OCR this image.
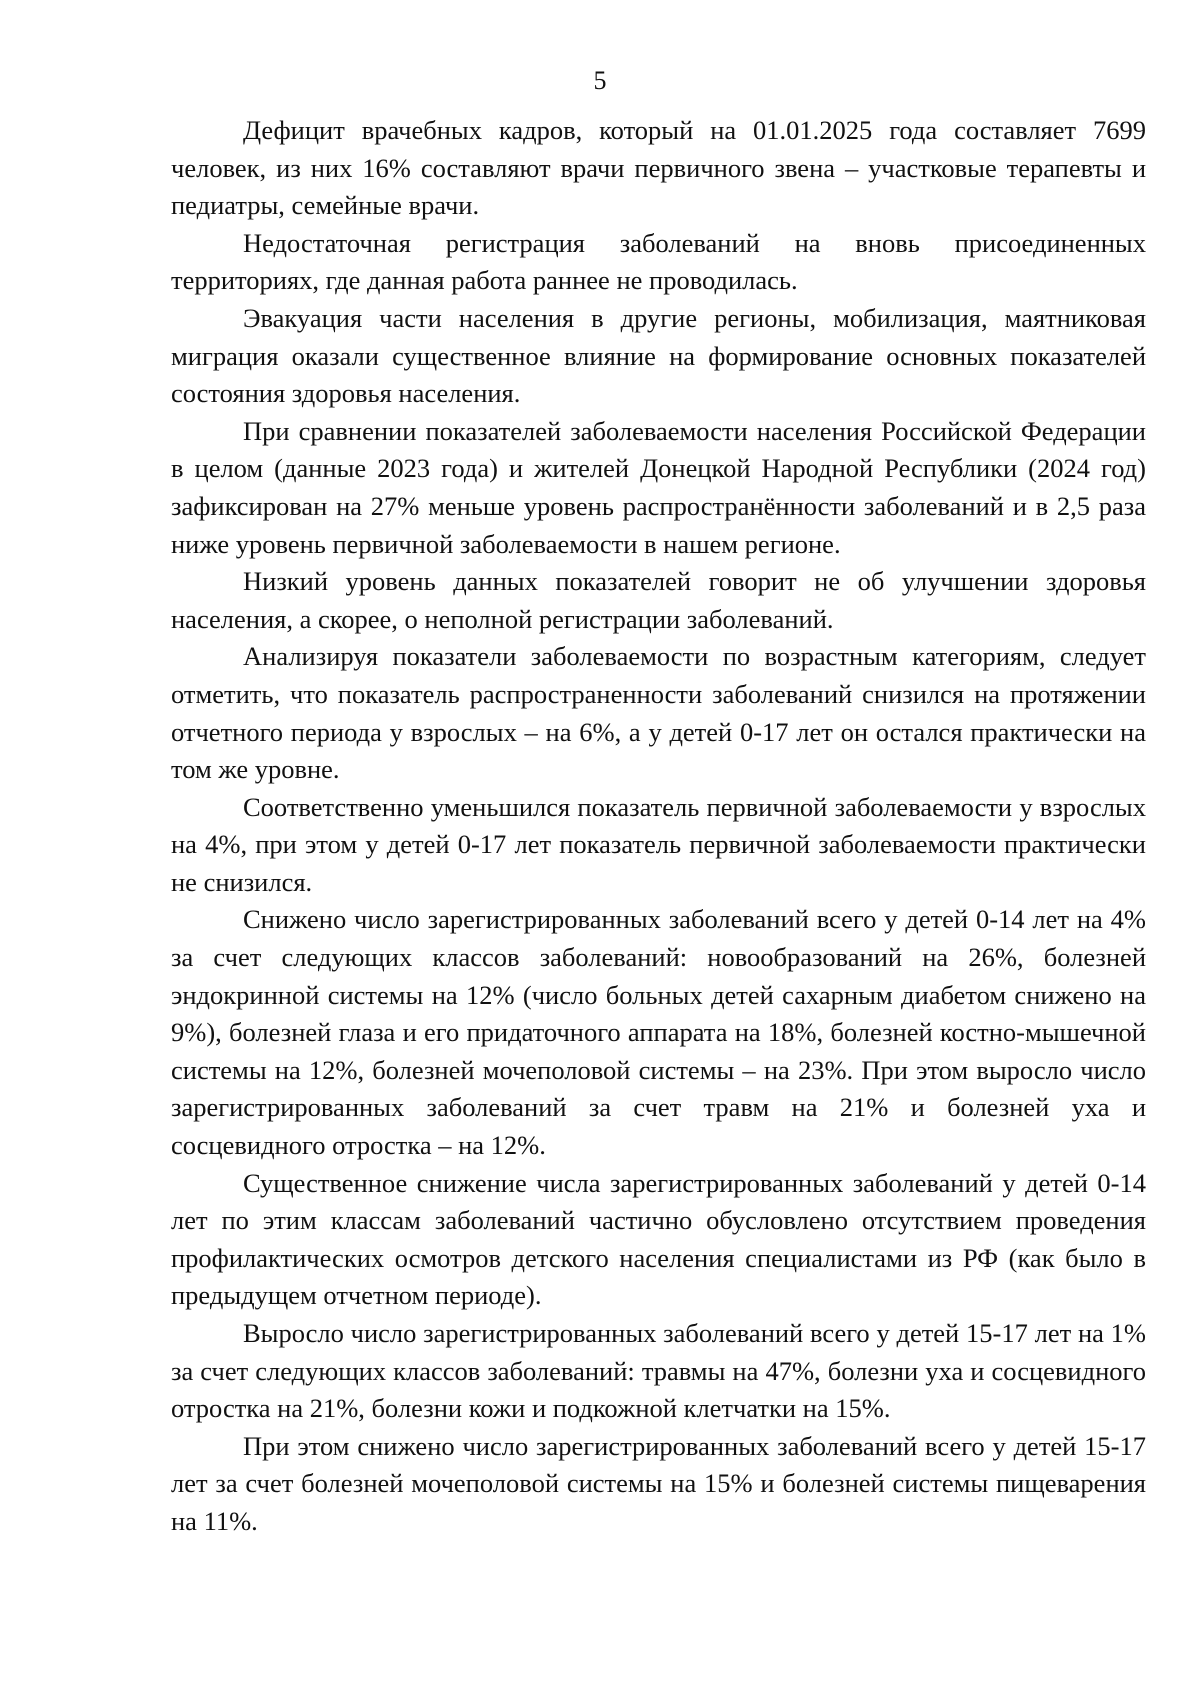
5

Дефицит врачебных кадров, который на 01.01.2025 года составляет 7699 человек, из них 16% составляют врачи первичного звена – участковые терапевты и педиатры, семейные врачи.

Недостаточная регистрация заболеваний на вновь присоединенных территориях, где данная работа раннее не проводилась.

Эвакуация части населения в другие регионы, мобилизация, маятниковая миграция оказали существенное влияние на формирование основных показателей состояния здоровья населения.

При сравнении показателей заболеваемости населения Российской Федерации в целом (данные 2023 года) и жителей Донецкой Народной Республики (2024 год) зафиксирован на 27% меньше уровень распространённости заболеваний и в 2,5 раза ниже уровень первичной заболеваемости в нашем регионе.

Низкий уровень данных показателей говорит не об улучшении здоровья населения, а скорее, о неполной регистрации заболеваний.

Анализируя показатели заболеваемости по возрастным категориям, следует отметить, что показатель распространенности заболеваний снизился на протяжении отчетного периода у взрослых – на 6%, а у детей 0-17 лет он остался практически на том же уровне.

Соответственно уменьшился показатель первичной заболеваемости у взрослых на 4%, при этом у детей 0-17 лет показатель первичной заболеваемости практически не снизился.

Снижено число зарегистрированных заболеваний всего у детей 0-14 лет на 4% за счет следующих классов заболеваний: новообразований на 26%, болезней эндокринной системы на 12% (число больных детей сахарным диабетом снижено на 9%), болезней глаза и его придаточного аппарата на 18%, болезней костно-мышечной системы на 12%, болезней мочеполовой системы – на 23%. При этом выросло число зарегистрированных заболеваний за счет травм на 21% и болезней уха и сосцевидного отростка – на 12%.

Существенное снижение числа зарегистрированных заболеваний у детей 0-14 лет по этим классам заболеваний частично обусловлено отсутствием проведения профилактических осмотров детского населения специалистами из РФ (как было в предыдущем отчетном периоде).

Выросло число зарегистрированных заболеваний всего у детей 15-17 лет на 1% за счет следующих классов заболеваний: травмы на 47%, болезни уха и сосцевидного отростка на 21%, болезни кожи и подкожной клетчатки на 15%.

При этом снижено число зарегистрированных заболеваний всего у детей 15-17 лет за счет болезней мочеполовой системы на 15% и болезней системы пищеварения на 11%.
